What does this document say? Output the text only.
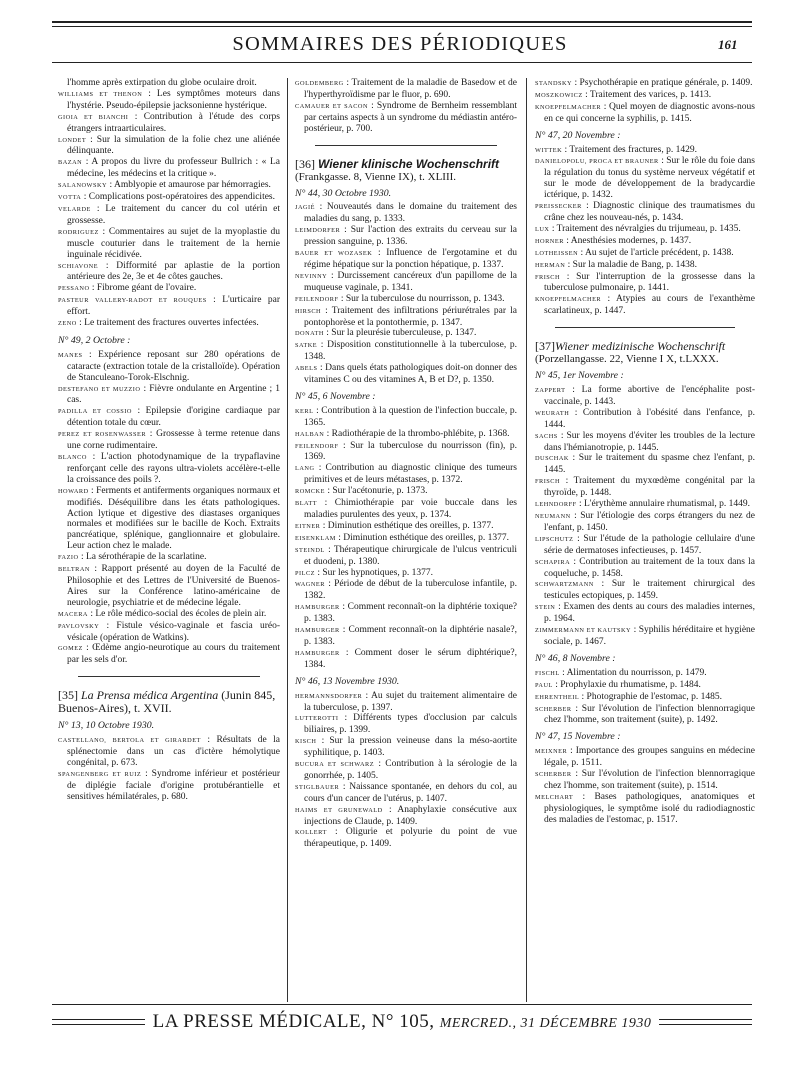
SOMMAIRES DES PÉRIODIQUES	161
l'homme après extirpation du globe oculaire droit.
WILLIAMS ET THENON : Les symptômes moteurs dans l'hystérie. Pseudo-épilepsie jacksonienne hystérique.
GIOIA ET BIANCHI : Contribution à l'étude des corps étrangers intraarticulaires.
LONDET : Sur la simulation de la folie chez une aliénée délinquante.
BAZAN : A propos du livre du professeur Bullrich : « La médecine, les médecins et la critique ».
SALANOWSKY : Amblyopie et amaurose par hémorragies.
VOTTA : Complications post-opératoires des appendicites.
VELARDE : Le traitement du cancer du col utérin et grossesse.
RODRIGUEZ : Commentaires au sujet de la myoplastie du muscle couturier dans le traitement de la hernie inguinale récidivée.
SCHIAVONE : Difformité par aplastie de la portion antérieure des 2e, 3e et 4e côtes gauches.
PESSANO : Fibrome géant de l'ovaire.
PASTEUR VALLERY-RADOT ET ROUQUES : L'urticaire par effort.
ZENO : Le traitement des fractures ouvertes infectées.
N° 49, 2 Octobre :
MANES : Expérience reposant sur 280 opérations de cataracte (extraction totale de la cristalloïde). Opération de Stanculeano-Torok-Elschnig.
DESTEFANO ET MUZZIO : Fièvre ondulante en Argentine ; 1 cas.
PADILLA ET COSSIO : Epilepsie d'origine cardiaque par détention totale du cœur.
PEREZ ET ROSENWASSER : Grossesse à terme retenue dans une corne rudimentaire.
BLANCO : L'action photodynamique de la trypaflavine renforçant celle des rayons ultra-violets accélère-t-elle la croissance des poils ?.
HOWARD : Ferments et antiferments organiques normaux et modifiés. Déséquilibre dans les états pathologiques. Action lytique et digestive des diastases organiques normales et modifiées sur le bacille de Koch. Extraits pancréatique, splénique, ganglionnaire et globulaire. Leur action chez le malade.
FAZIO : La sérothérapie de la scarlatine.
BELTRAN : Rapport présenté au doyen de la Faculté de Philosophie et des Lettres de l'Université de Buenos-Aires sur la Conférence latino-américaine de neurologie, psychiatrie et de médecine légale.
MACERA : Le rôle médico-social des écoles de plein air.
PAVLOVSKY : Fistule vésico-vaginale et fascia uréo-vésicale (opération de Watkins).
GOMEZ : Œdème angio-neurotique au cours du traitement par les sels d'or.
[35] La Prensa médica Argentina (Junin 845, Buenos-Aires), t. XVII.
N° 13, 10 Octobre 1930.
CASTELLANO, BERTOLA ET GIRARDET : Résultats de la splénectomie dans un cas d'ictère hémolytique congénital, p. 673.
SPANGENBERG ET RUIZ : Syndrome inférieur et postérieur de diplégie faciale d'origine protubérantielle et sensitives hémilatérales, p. 680.
GOLDEMBERG : Traitement de la maladie de Basedow et de l'hyperthyroïdisme par le fluor, p. 690.
CAMAUER ET SACON : Syndrome de Bernheim ressemblant par certains aspects à un syndrome du médiastin antéro-postérieur, p. 700.
[36] Wiener klinische Wochenschrift
(Frankgasse. 8, Vienne IX), t. XLIII.
N° 44, 30 Octobre 1930.
JAGIÉ : Nouveautés dans le domaine du traitement des maladies du sang, p. 1333.
LEIMDORFER : Sur l'action des extraits du cerveau sur la pression sanguine, p. 1336.
BAUER ET WOZASEK : Influence de l'ergotamine et du régime hépatique sur la ponction hépatique, p. 1337.
NEVINNY : Durcissement cancéreux d'un papillome de la muqueuse vaginale, p. 1341.
FEILENDORF : Sur la tuberculose du nourrisson, p. 1343.
HIRSCH : Traitement des infiltrations périurétrales par la pontophorèse et la pontothermie, p. 1347.
DONATH : Sur la pleurésie tuberculeuse, p. 1347.
SATKE : Disposition constitutionnelle à la tuberculose, p. 1348.
ABELS : Dans quels états pathologiques doit-on donner des vitamines C ou des vitamines A, B et D?, p. 1350.
N° 45, 6 Novembre :
KERL : Contribution à la question de l'infection buccale, p. 1365.
HALBAN : Radiothérapie de la thrombo-phlébite, p. 1368.
FEILENDORF : Sur la tuberculose du nourrisson (fin), p. 1369.
LANG : Contribution au diagnostic clinique des tumeurs primitives et de leurs métastases, p. 1372.
ROMCKE : Sur l'acétonurie, p. 1373.
BLATT : Chimiothérapie par voie buccale dans les maladies purulentes des yeux, p. 1374.
EITNER : Diminution esthétique des oreilles, p. 1377.
EISENKLAM : Diminution esthétique des oreilles, p. 1377.
STEINDL : Thérapeutique chirurgicale de l'ulcus ventriculi et duodeni, p. 1380.
PILCZ : Sur les hypnotiques, p. 1377.
WAGNER : Période de début de la tuberculose infantile, p. 1382.
HAMBURGER : Comment reconnaît-on la diphtérie toxique? p. 1383.
HAMBURGER : Comment reconnaît-on la diphtérie nasale?, p. 1383.
HAMBURGER : Comment doser le sérum diphtérique?, 1384.
N° 46, 13 Novembre 1930.
HERMANNSDORFER : Au sujet du traitement alimentaire de la tuberculose, p. 1397.
LUTTEROTTI : Différents types d'occlusion par calculs biliaires, p. 1399.
KISCH : Sur la pression veineuse dans la méso-aortite syphilitique, p. 1403.
BUCURA ET SCHWARZ : Contribution à la sérologie de la gonorrhée, p. 1405.
STIGLBAUER : Naissance spontanée, en dehors du col, au cours d'un cancer de l'utérus, p. 1407.
HAIMS ET GRUNEWALD : Anaphylaxie consécutive aux injections de Claude, p. 1409.
KOLLERT : Oligurie et polyurie du point de vue thérapeutique, p. 1409.
STANDSKY : Psychothérapie en pratique générale, p. 1409.
MOSZKOWICZ : Traitement des varices, p. 1413.
KNOEPFELMACHER : Quel moyen de diagnostic avons-nous en ce qui concerne la syphilis, p. 1415.
N° 47, 20 Novembre :
WITTEK : Traitement des fractures, p. 1429.
DANIELOPOLU, PROCA ET BRAUNER : Sur le rôle du foie dans la régulation du tonus du système nerveux végétatif et sur le mode de développement de la bradycardie ictérique, p. 1432.
PREISSECKER : Diagnostic clinique des traumatismes du crâne chez les nouveau-nés, p. 1434.
LUX : Traitement des névralgies du trijumeau, p. 1435.
HORNER : Anesthésies modernes, p. 1437.
LOTHEISSEN : Au sujet de l'article précédent, p. 1438.
HERMAN : Sur la maladie de Bang, p. 1438.
FRISCH : Sur l'interruption de la grossesse dans la tuberculose pulmonaire, p. 1441.
KNOEPFELMACHER : Atypies au cours de l'exanthème scarlatineux, p. 1447.
[37]Wiener medizinische Wochenschrift
(Porzellangasse. 22, Vienne I X, t.LXXX.
N° 45, 1er Novembre :
ZAPPERT : La forme abortive de l'encéphalite post-vaccinale, p. 1443.
WEURATH : Contribution à l'obésité dans l'enfance, p. 1444.
SACHS : Sur les moyens d'éviter les troubles de la lecture dans l'hémianotropie, p. 1445.
DUSCHAK : Sur le traitement du spasme chez l'enfant, p. 1445.
FRISCH : Traitement du myxœdème congénital par la thyroïde, p. 1448.
LEHNDORFF : L'érythème annulaire rhumatismal, p. 1449.
NEUMANN : Sur l'étiologie des corps étrangers du nez de l'enfant, p. 1450.
LIPSCHUTZ : Sur l'étude de la pathologie cellulaire d'une série de dermatoses infectieuses, p. 1457.
SCHAPIRA : Contribution au traitement de la toux dans la coqueluche, p. 1458.
SCHWARTZMANN : Sur le traitement chirurgical des testicules ectopiques, p. 1459.
STEIN : Examen des dents au cours des maladies internes, p. 1964.
ZIMMERMANN ET KAUTSKY : Syphilis héréditaire et hygiène sociale, p. 1467.
N° 46, 8 Novembre :
FISCHL : Alimentation du nourrisson, p. 1479.
PAUL : Prophylaxie du rhumatisme, p. 1484.
EHRENTHEIL : Photographie de l'estomac, p. 1485.
SCHERBER : Sur l'évolution de l'infection blennorragique chez l'homme, son traitement (suite), p. 1492.
N° 47, 15 Novembre :
MEIXNER : Importance des groupes sanguins en médecine légale, p. 1511.
SCHERBER : Sur l'évolution de l'infection blennorragique chez l'homme, son traitement (suite), p. 1514.
MELCHART : Bases pathologiques, anatomiques et physiologiques, le symptôme isolé du radiodiagnostic des maladies de l'estomac, p. 1517.
LA PRESSE MÉDICALE, N° 105, MERCRED., 31 DÉCEMBRE 1930
